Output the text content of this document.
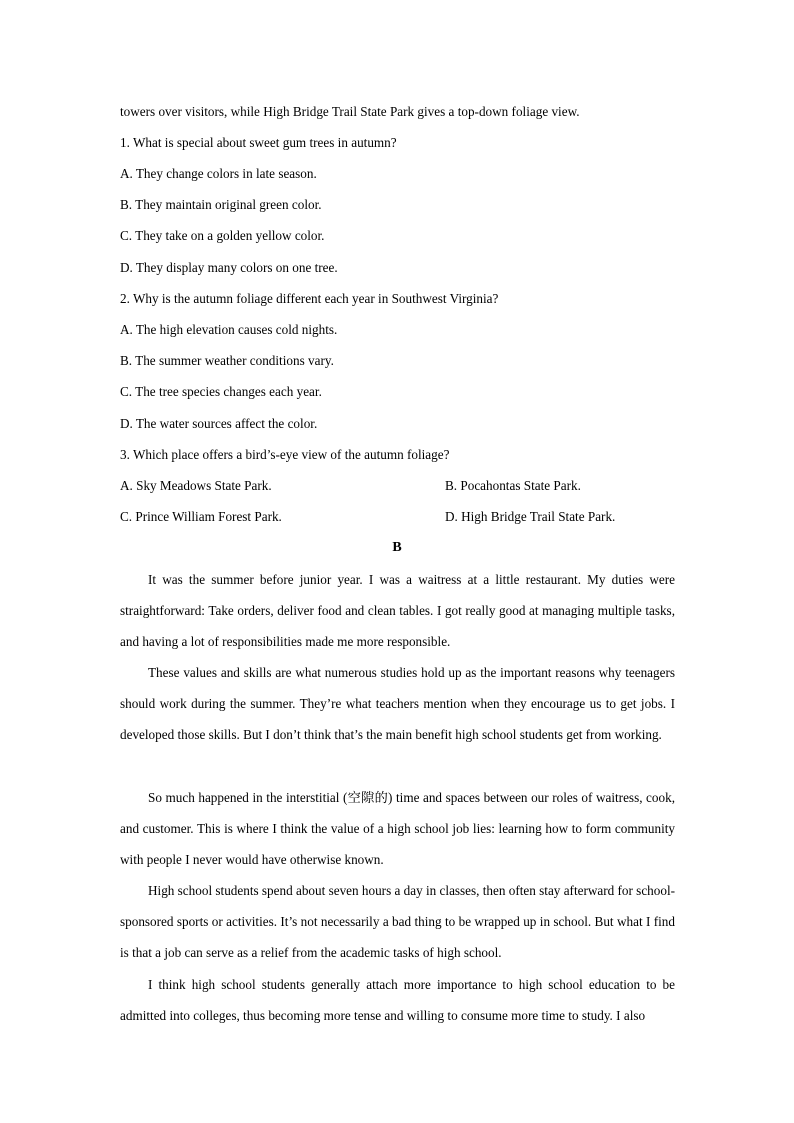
towers over visitors, while High Bridge Trail State Park gives a top-down foliage view.
1. What is special about sweet gum trees in autumn?
A. They change colors in late season.
B. They maintain original green color.
C. They take on a golden yellow color.
D. They display many colors on one tree.
2. Why is the autumn foliage different each year in Southwest Virginia?
A. The high elevation causes cold nights.
B. The summer weather conditions vary.
C. The tree species changes each year.
D. The water sources affect the color.
3. Which place offers a bird’s-eye view of the autumn foliage?
A. Sky Meadows State Park.	B. Pocahontas State Park.
C. Prince William Forest Park.	D. High Bridge Trail State Park.
B
It was the summer before junior year. I was a waitress at a little restaurant. My duties were straightforward: Take orders, deliver food and clean tables. I got really good at managing multiple tasks, and having a lot of responsibilities made me more responsible.
These values and skills are what numerous studies hold up as the important reasons why teenagers should work during the summer. They’re what teachers mention when they encourage us to get jobs. I developed those skills. But I don’t think that’s the main benefit high school students get from working.
So much happened in the interstitial (空隙的) time and spaces between our roles of waitress, cook, and customer. This is where I think the value of a high school job lies: learning how to form community with people I never would have otherwise known.
High school students spend about seven hours a day in classes, then often stay afterward for school-sponsored sports or activities. It’s not necessarily a bad thing to be wrapped up in school. But what I find is that a job can serve as a relief from the academic tasks of high school.
I think high school students generally attach more importance to high school education to be admitted into colleges, thus becoming more tense and willing to consume more time to study. I also
